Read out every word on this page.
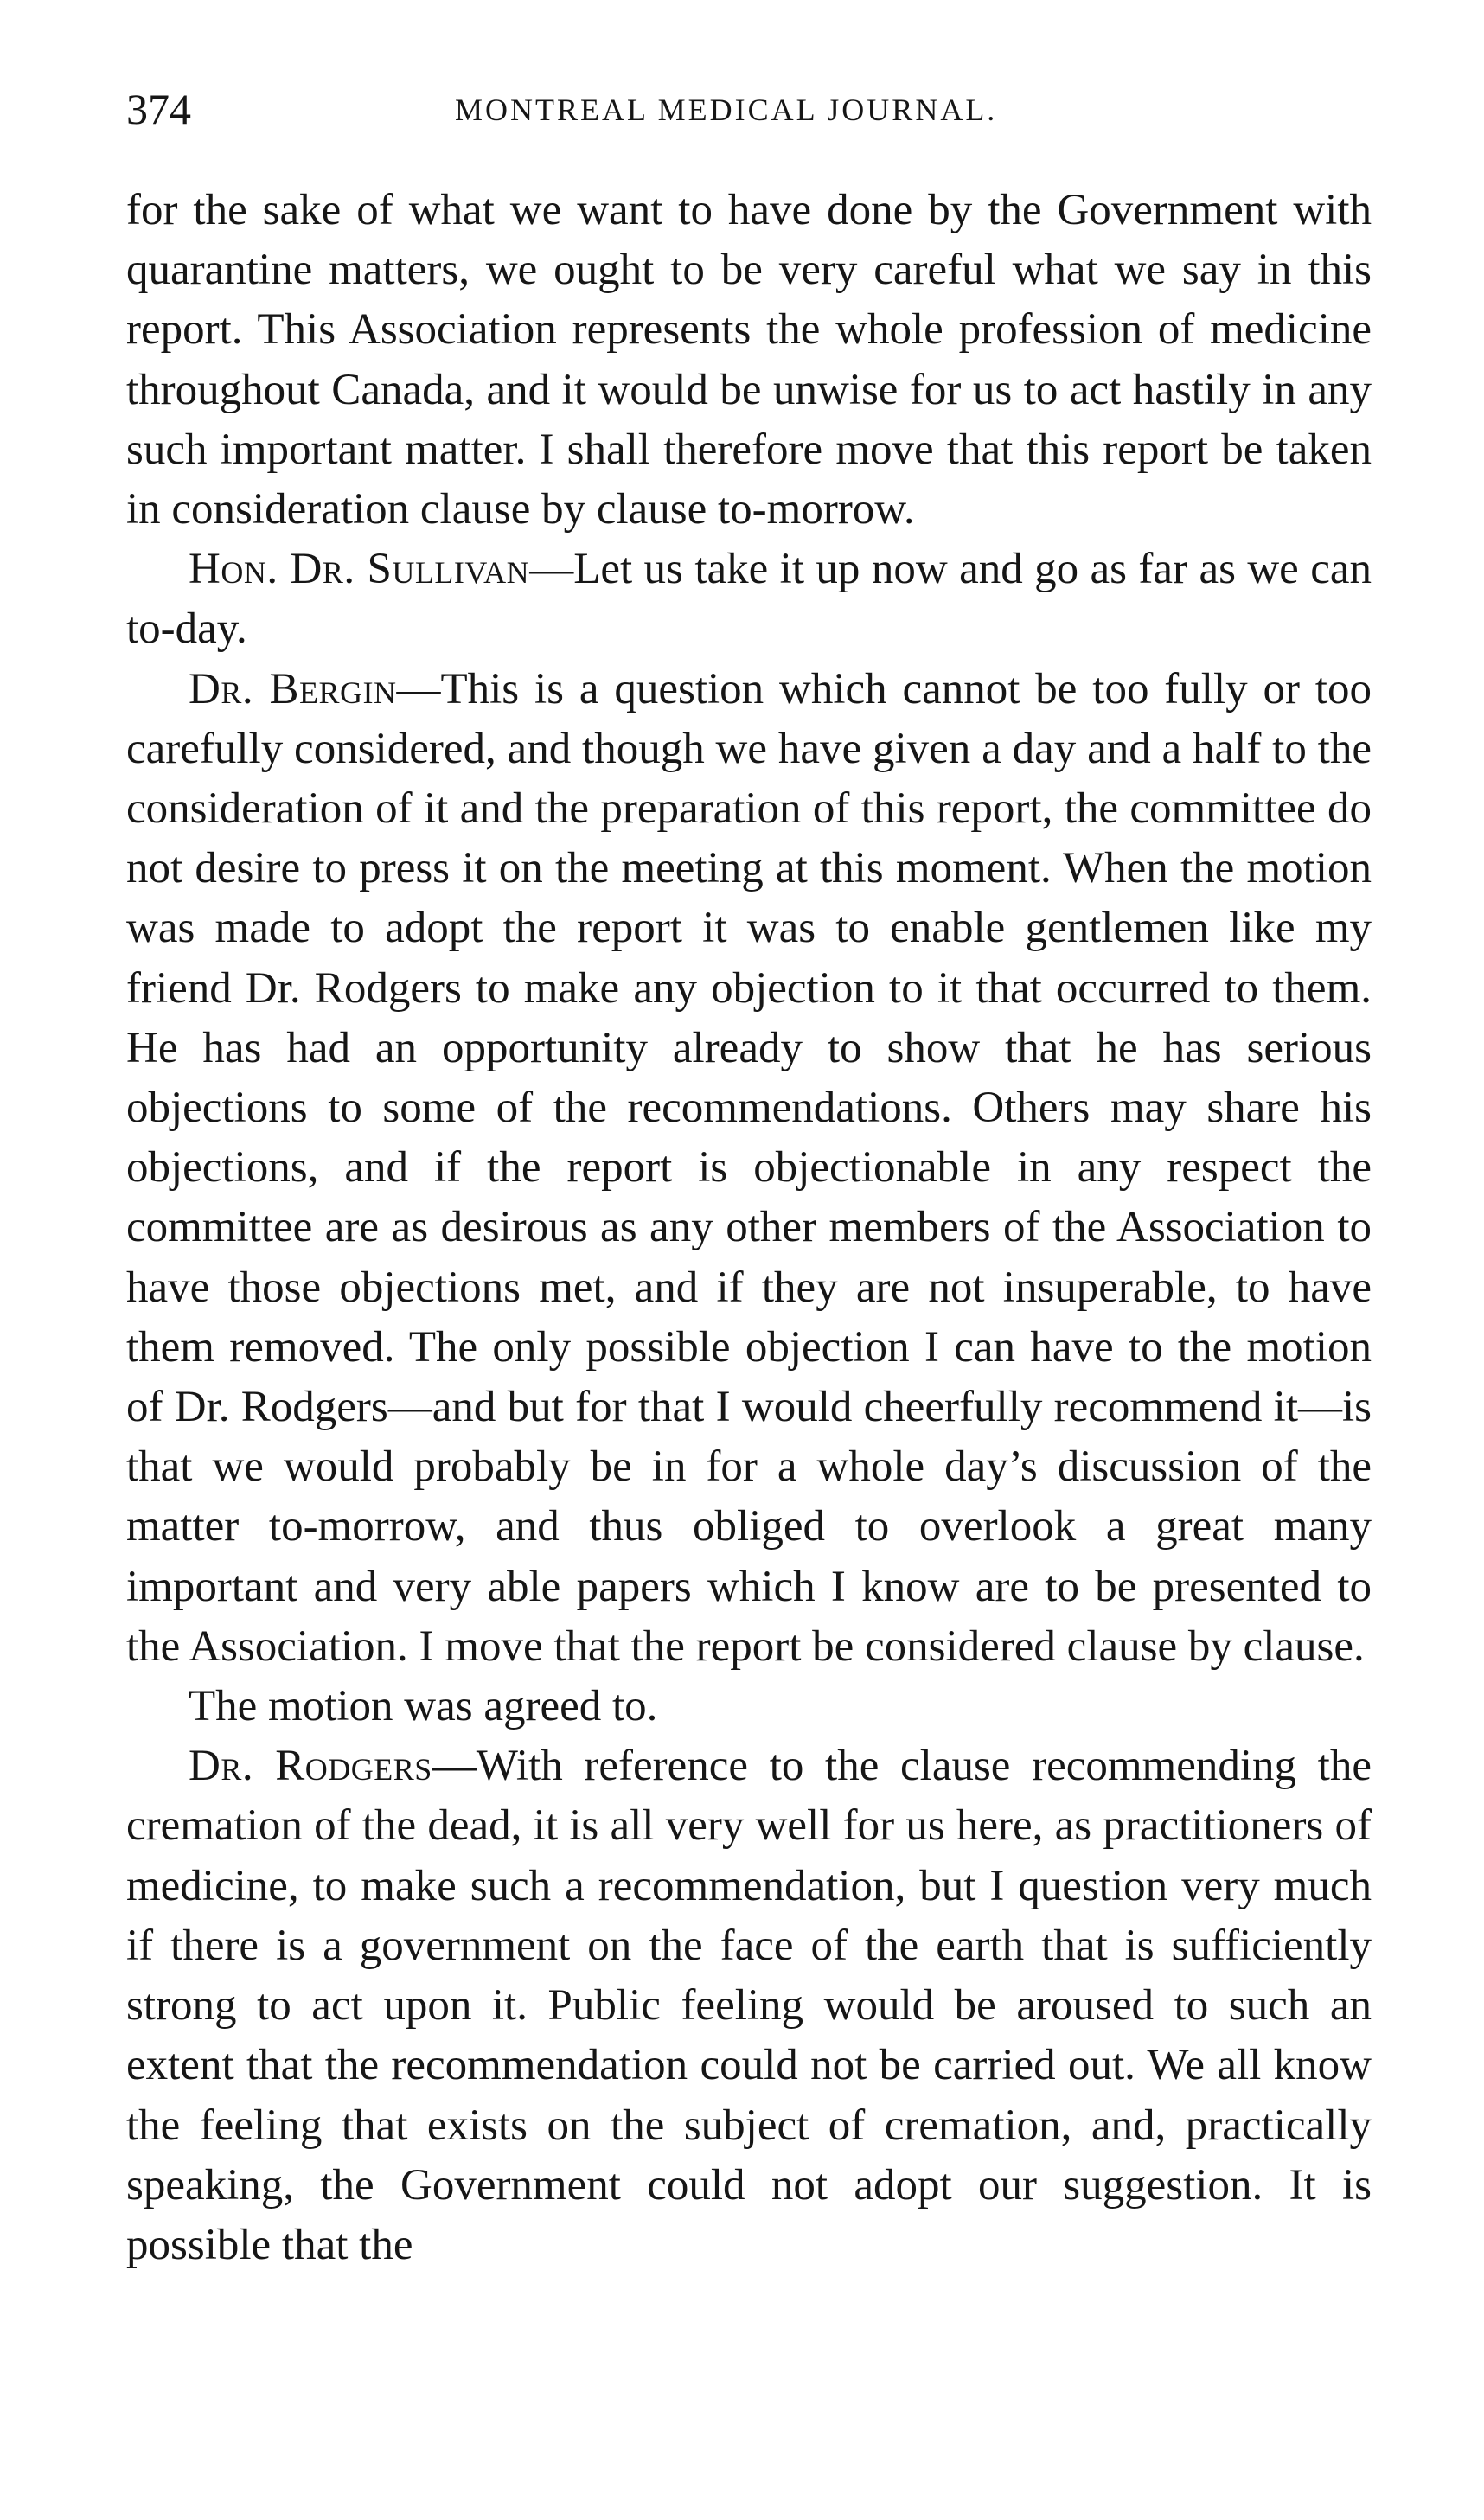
374	MONTREAL MEDICAL JOURNAL.

for the sake of what we want to have done by the Government with quarantine matters, we ought to be very careful what we say in this report. This Association represents the whole profession of medicine throughout Canada, and it would be unwise for us to act hastily in any such important matter. I shall therefore move that this report be taken in consideration clause by clause to-morrow.

Hon. Dr. Sullivan—Let us take it up now and go as far as we can to-day.

Dr. Bergin—This is a question which cannot be too fully or too carefully considered, and though we have given a day and a half to the consideration of it and the preparation of this report, the committee do not desire to press it on the meeting at this moment. When the motion was made to adopt the report it was to enable gentlemen like my friend Dr. Rodgers to make any objection to it that occurred to them. He has had an opportunity already to show that he has serious objections to some of the recommendations. Others may share his objections, and if the report is objectionable in any respect the committee are as desirous as any other members of the Association to have those objections met, and if they are not insuperable, to have them removed. The only possible objection I can have to the motion of Dr. Rodgers—and but for that I would cheerfully recommend it—is that we would probably be in for a whole day’s discussion of the matter to-morrow, and thus obliged to overlook a great many important and very able papers which I know are to be presented to the Association. I move that the report be considered clause by clause.

The motion was agreed to.

Dr. Rodgers—With reference to the clause recommending the cremation of the dead, it is all very well for us here, as practitioners of medicine, to make such a recommendation, but I question very much if there is a government on the face of the earth that is sufficiently strong to act upon it. Public feeling would be aroused to such an extent that the recommendation could not be carried out. We all know the feeling that exists on the subject of cremation, and, practically speaking, the Government could not adopt our suggestion. It is possible that the
